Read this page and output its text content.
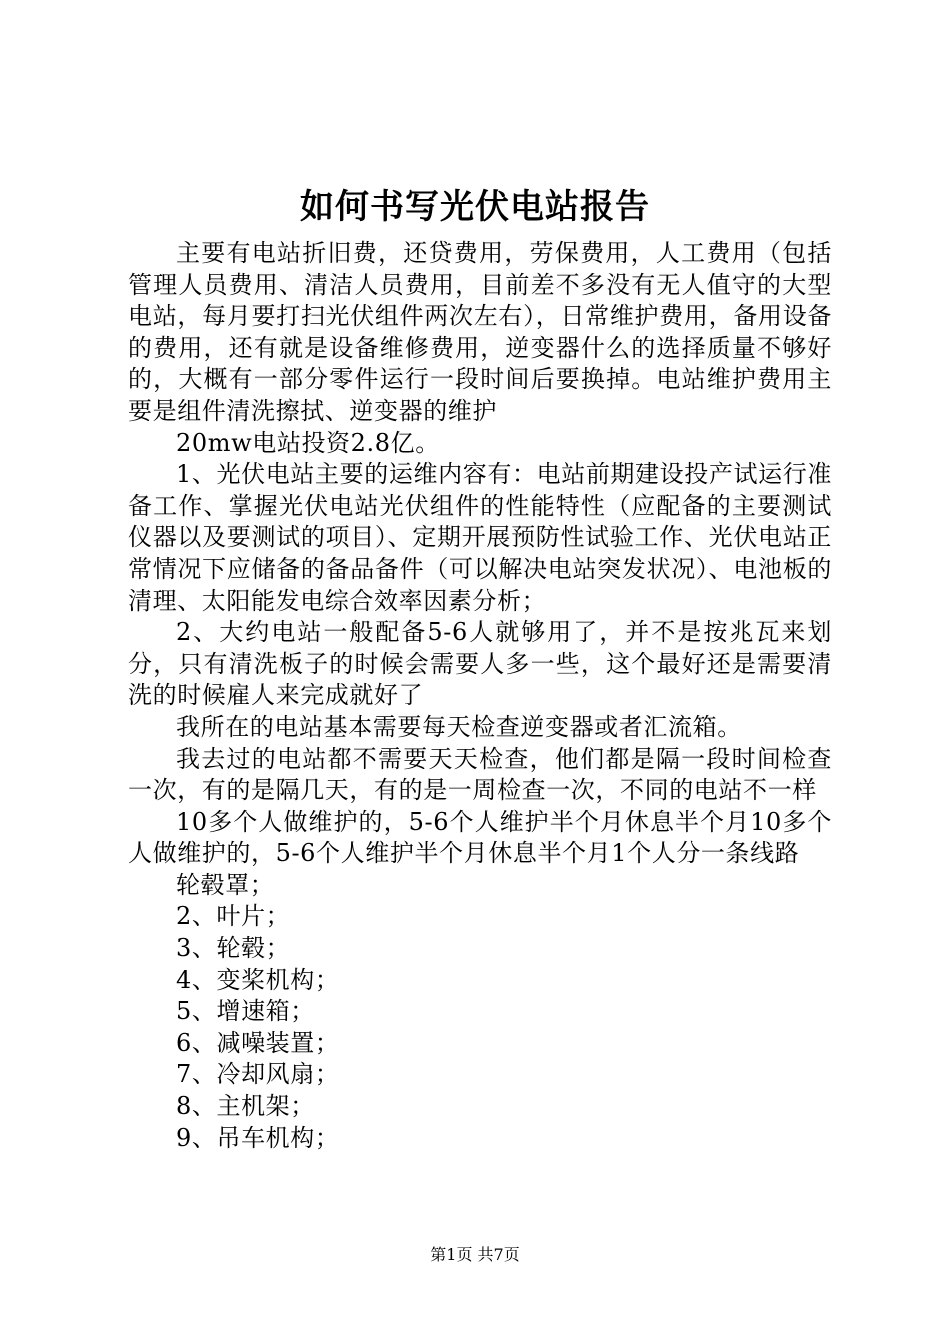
如何书写光伏电站报告

主要有电站折旧费，还贷费用，劳保费用，人工费用（包括管理人员费用、清洁人员费用，目前差不多没有无人值守的大型电站，每月要打扫光伏组件两次左右），日常维护费用，备用设备的费用，还有就是设备维修费用，逆变器什么的选择质量不够好的，大概有一部分零件运行一段时间后要换掉。电站维护费用主要是组件清洗擦拭、逆变器的维护

20mw电站投资2.8亿。

1、光伏电站主要的运维内容有：电站前期建设投产试运行准备工作、掌握光伏电站光伏组件的性能特性（应配备的主要测试仪器以及要测试的项目）、定期开展预防性试验工作、光伏电站正常情况下应储备的备品备件（可以解决电站突发状况）、电池板的清理、太阳能发电综合效率因素分析；

2、大约电站一般配备5-6人就够用了，并不是按兆瓦来划分，只有清洗板子的时候会需要人多一些，这个最好还是需要清洗的时候雇人来完成就好了

我所在的电站基本需要每天检查逆变器或者汇流箱。

我去过的电站都不需要天天检查，他们都是隔一段时间检查一次，有的是隔几天，有的是一周检查一次，不同的电站不一样

10多个人做维护的，5-6个人维护半个月休息半个月10多个人做维护的，5-6个人维护半个月休息半个月1个人分一条线路

轮毂罩；

2、叶片；

3、轮毂；

4、变桨机构；

5、增速箱；

6、减噪装置；

7、冷却风扇；

8、主机架；

9、吊车机构；

第1页 共7页
